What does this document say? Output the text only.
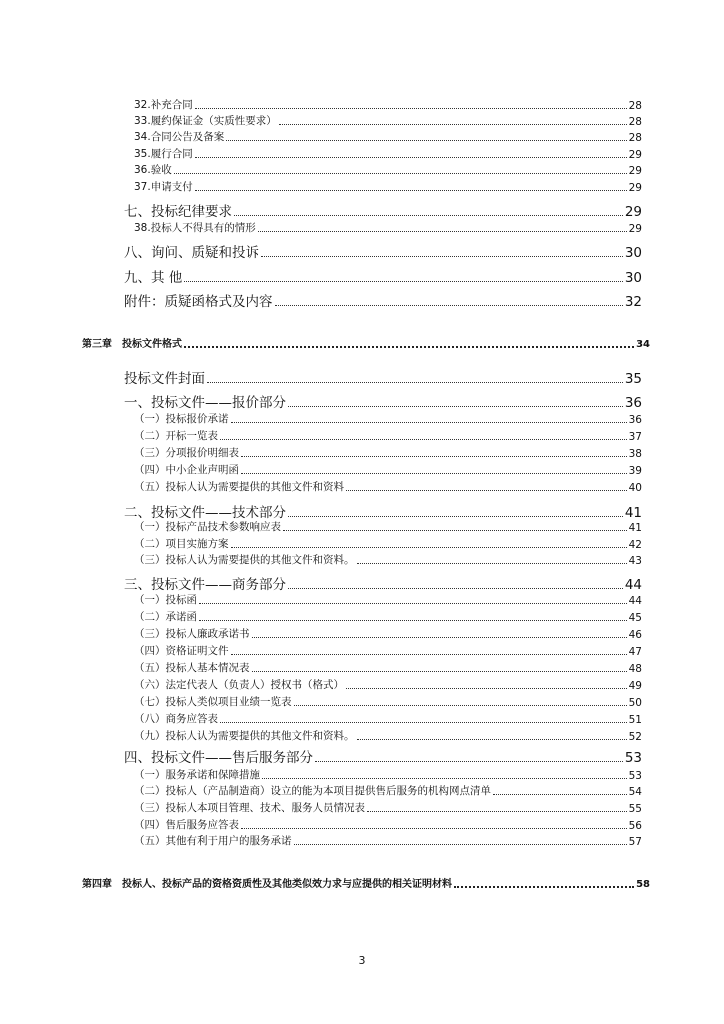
32.补充合同	28
33.履约保证金（实质性要求）	28
34.合同公告及备案	28
35.履行合同	29
36.验收	29
37.申请支付	29
七、投标纪律要求	29
38.投标人不得具有的情形	29
八、询问、质疑和投诉	30
九、其 他	30
附件：质疑函格式及内容	32
第三章　投标文件格式	34
投标文件封面	35
一、投标文件——报价部分	36
（一）投标报价承诺	36
（二）开标一览表	37
（三）分项报价明细表	38
（四）中小企业声明函	39
（五）投标人认为需要提供的其他文件和资料	40
二、投标文件——技术部分	41
（一）投标产品技术参数响应表	41
（二）项目实施方案	42
（三）投标人认为需要提供的其他文件和资料。	43
三、投标文件——商务部分	44
（一）投标函	44
（二）承诺函	45
（三）投标人廉政承诺书	46
（四）资格证明文件	47
（五）投标人基本情况表	48
（六）法定代表人（负责人）授权书（格式）	49
（七）投标人类似项目业绩一览表	50
（八）商务应答表	51
（九）投标人认为需要提供的其他文件和资料。	52
四、投标文件——售后服务部分	53
（一）服务承诺和保障措施	53
（二）投标人（产品制造商）设立的能为本项目提供售后服务的机构网点清单	54
（三）投标人本项目管理、技术、服务人员情况表	55
（四）售后服务应答表	56
（五）其他有利于用户的服务承诺	57
第四章　投标人、投标产品的资格资质性及其他类似效力求与应提供的相关证明材料	58
3
